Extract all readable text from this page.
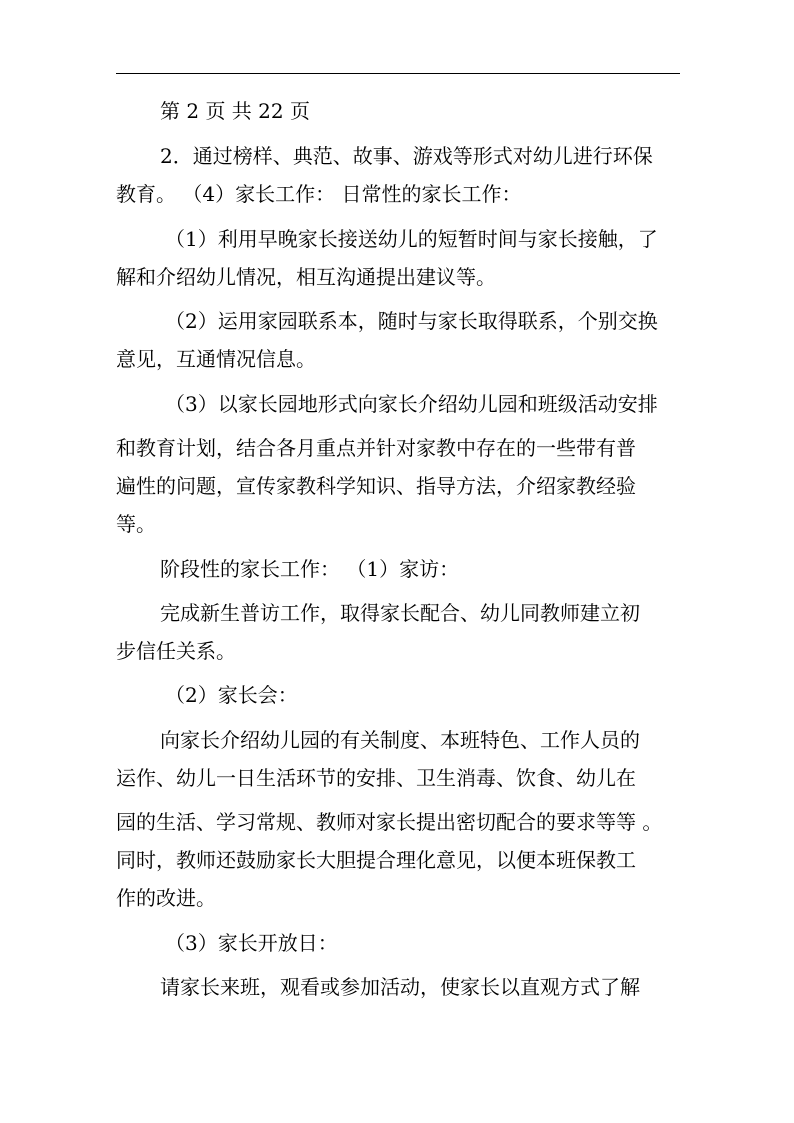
第 2 页 共 22 页
2．通过榜样、典范、故事、游戏等形式对幼儿进行环保
教育。 （4）家长工作： 日常性的家长工作：
（1）利用早晚家长接送幼儿的短暂时间与家长接触，了
解和介绍幼儿情况，相互沟通提出建议等。
（2）运用家园联系本，随时与家长取得联系，个别交换
意见，互通情况信息。
（3）以家长园地形式向家长介绍幼儿园和班级活动安排
和教育计划，结合各月重点并针对家教中存在的一些带有普
遍性的问题，宣传家教科学知识、指导方法，介绍家教经验
等。
阶段性的家长工作： （1）家访：
完成新生普访工作，取得家长配合、幼儿同教师建立初
步信任关系。
（2）家长会：
向家长介绍幼儿园的有关制度、本班特色、工作人员的
运作、幼儿一日生活环节的安排、卫生消毒、饮食、幼儿在
园的生活、学习常规、教师对家长提出密切配合的要求等等 。
同时，教师还鼓励家长大胆提合理化意见，以便本班保教工
作的改进。
（3）家长开放日：
请家长来班，观看或参加活动，使家长以直观方式了解
